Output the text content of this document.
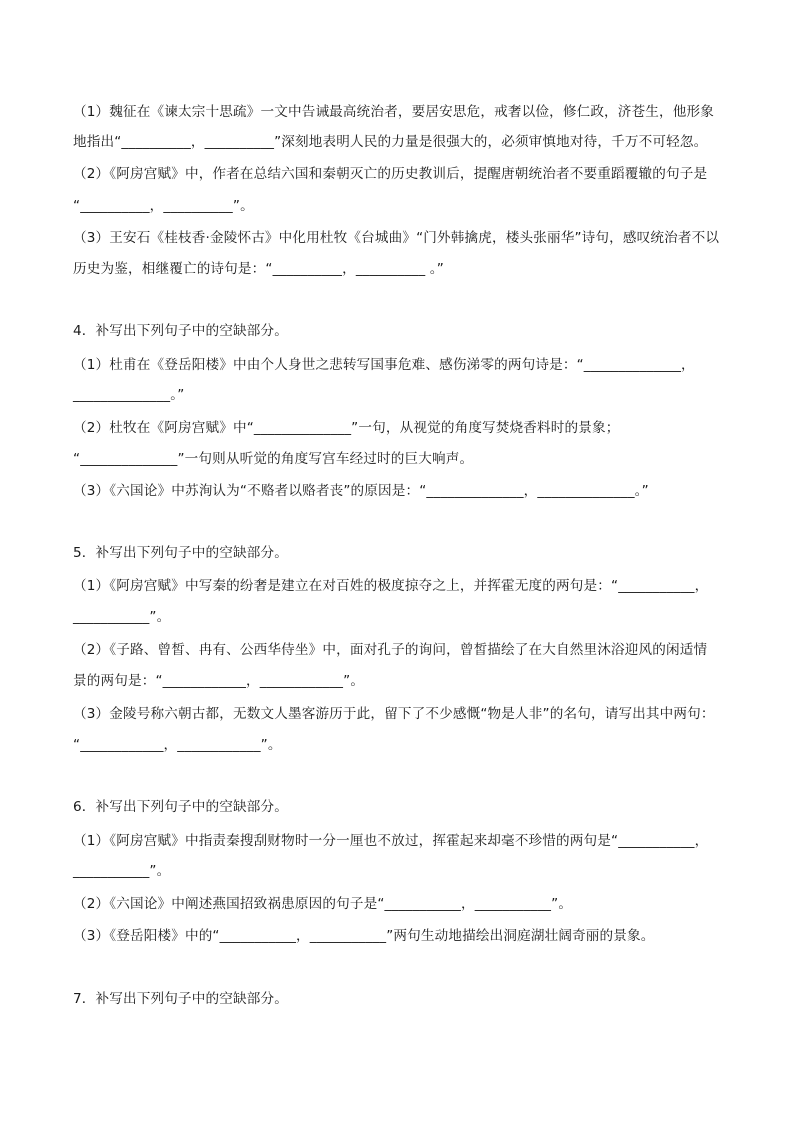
（1）魏征在《谏太宗十思疏》一文中告诫最高统治者，要居安思危，戒奢以俭，修仁政，济苍生，他形象
地指出“__________，__________”深刻地表明人民的力量是很强大的，必须审慎地对待，千万不可轻忽。
（2）《阿房宫赋》中，作者在总结六国和秦朝灭亡的历史教训后，提醒唐朝统治者不要重蹈覆辙的句子是
“__________，__________”。
（3）王安石《桂枝香·金陵怀古》中化用杜牧《台城曲》“门外韩擒虎，楼头张丽华”诗句，感叹统治者不以
历史为鉴，相继覆亡的诗句是：“__________，__________ 。”
4．补写出下列句子中的空缺部分。
（1）杜甫在《登岳阳楼》中由个人身世之悲转写国事危难、感伤涕零的两句诗是：“______________，
______________。”
（2）杜牧在《阿房宫赋》中“______________”一句，从视觉的角度写焚烧香料时的景象；
“______________”一句则从听觉的角度写宫车经过时的巨大响声。
（3）《六国论》中苏洵认为“不赂者以赂者丧”的原因是：“______________，______________。”
5．补写出下列句子中的空缺部分。
（1）《阿房宫赋》中写秦的纷奢是建立在对百姓的极度掠夺之上，并挥霍无度的两句是：“___________，
___________”。
（2）《子路、曾皙、冉有、公西华侍坐》中，面对孔子的询问，曾皙描绘了在大自然里沐浴迎风的闲适情
景的两句是：“____________，____________”。
（3）金陵号称六朝古都，无数文人墨客游历于此，留下了不少感慨“物是人非”的名句，请写出其中两句：
“____________，____________”。
6．补写出下列句子中的空缺部分。
（1）《阿房宫赋》中指责秦搜刮财物时一分一厘也不放过，挥霍起来却毫不珍惜的两句是“___________，
___________”。
（2）《六国论》中阐述燕国招致祸患原因的句子是“___________，___________”。
（3）《登岳阳楼》中的“___________，___________”两句生动地描绘出洞庭湖壮阔奇丽的景象。
7．补写出下列句子中的空缺部分。
